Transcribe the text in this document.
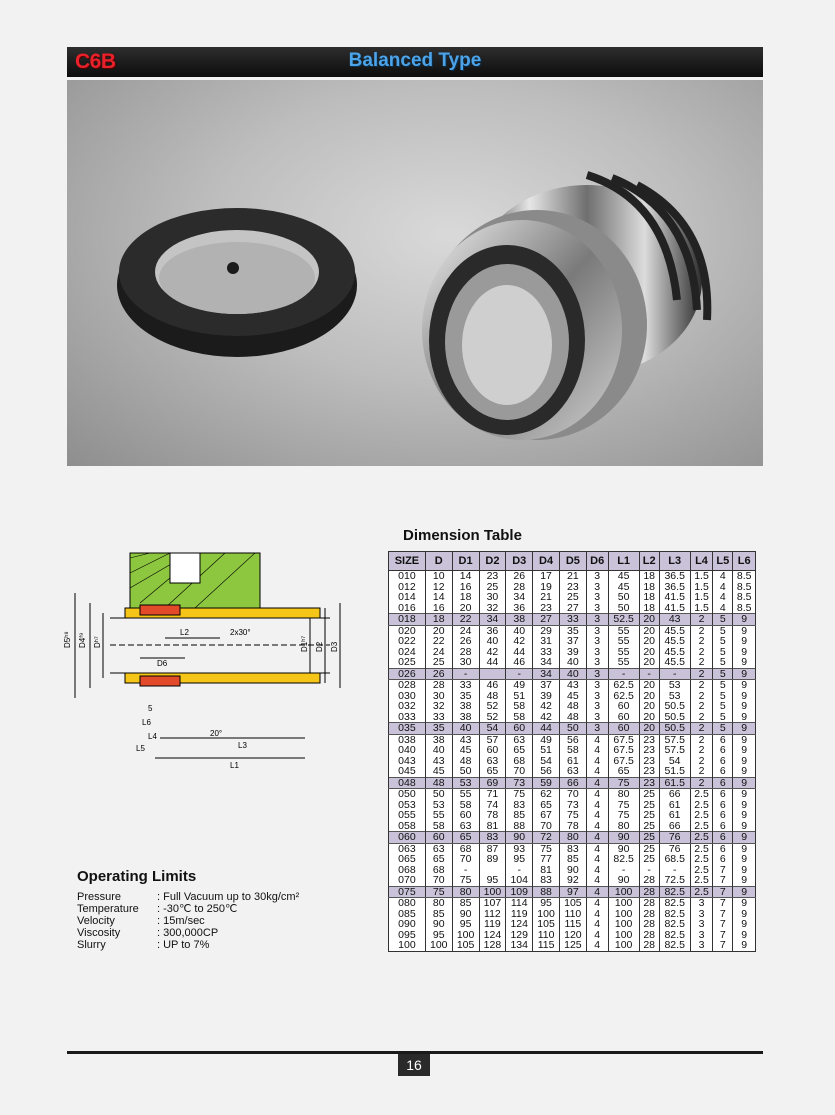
C6B	Balanced Type
D5ʰ⁸ D4ᶠ⁹ Dʰ⁷	D1ʰ⁷ D2 D3
L2	2x30°
D6
5
L6
L4
L5
20°
L3
L1
Dimension Table
SIZE	D	D1	D2	D3	D4	D5	D6	L1	L2	L3	L4	L5	L6
010	10	14	23	26	17	21	3	45	18	36.5	1.5	4	8.5
012	12	16	25	28	19	23	3	45	18	36.5	1.5	4	8.5
014	14	18	30	34	21	25	3	50	18	41.5	1.5	4	8.5
016	16	20	32	36	23	27	3	50	18	41.5	1.5	4	8.5
018	18	22	34	38	27	33	3	52.5	20	43	2	5	9
020	20	24	36	40	29	35	3	55	20	45.5	2	5	9
022	22	26	40	42	31	37	3	55	20	45.5	2	5	9
024	24	28	42	44	33	39	3	55	20	45.5	2	5	9
025	25	30	44	46	34	40	3	55	20	45.5	2	5	9
026	26	-		-	34	40	3	-	-	-	2	5	9
028	28	33	46	49	37	43	3	62.5	20	53	2	5	9
030	30	35	48	51	39	45	3	62.5	20	53	2	5	9
032	32	38	52	58	42	48	3	60	20	50.5	2	5	9
033	33	38	52	58	42	48	3	60	20	50.5	2	5	9
035	35	40	54	60	44	50	3	60	20	50.5	2	5	9
038	38	43	57	63	49	56	4	67.5	23	57.5	2	6	9
040	40	45	60	65	51	58	4	67.5	23	57.5	2	6	9
043	43	48	63	68	54	61	4	67.5	23	54	2	6	9
045	45	50	65	70	56	63	4	65	23	51.5	2	6	9
048	48	53	69	73	59	66	4	75	23	61.5	2	6	9
050	50	55	71	75	62	70	4	80	25	66	2.5	6	9
053	53	58	74	83	65	73	4	75	25	61	2.5	6	9
055	55	60	78	85	67	75	4	75	25	61	2.5	6	9
058	58	63	81	88	70	78	4	80	25	66	2.5	6	9
060	60	65	83	90	72	80	4	90	25	76	2.5	6	9
063	63	68	87	93	75	83	4	90	25	76	2.5	6	9
065	65	70	89	95	77	85	4	82.5	25	68.5	2.5	6	9
068	68	-		-	81	90	4	-	-	-	2.5	7	9
070	70	75	95	104	83	92	4	90	28	72.5	2.5	7	9
075	75	80	100	109	88	97	4	100	28	82.5	2.5	7	9
080	80	85	107	114	95	105	4	100	28	82.5	3	7	9
085	85	90	112	119	100	110	4	100	28	82.5	3	7	9
090	90	95	119	124	105	115	4	100	28	82.5	3	7	9
095	95	100	124	129	110	120	4	100	28	82.5	3	7	9
100	100	105	128	134	115	125	4	100	28	82.5	3	7	9
Operating Limits
Pressure	: Full Vacuum up to 30kg/cm²
Temperature	: -30℃ to 250℃
Velocity	: 15m/sec
Viscosity	: 300,000CP
Slurry	: UP to 7%
16
